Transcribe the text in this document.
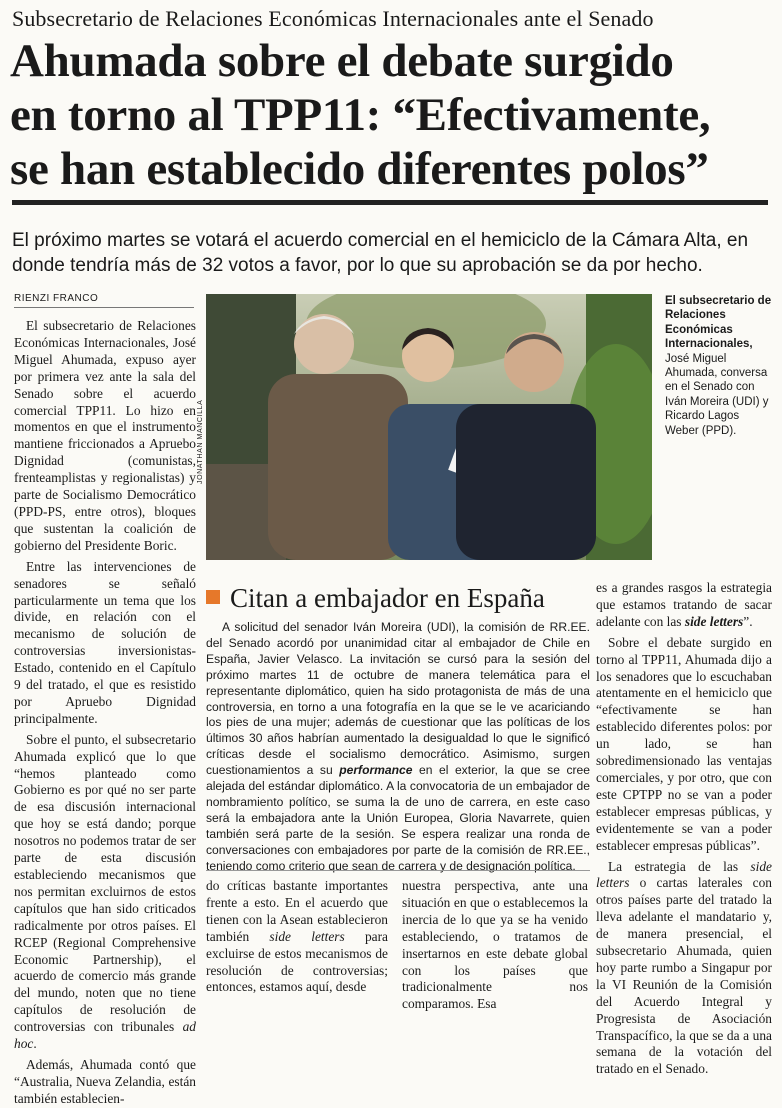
Subsecretario de Relaciones Económicas Internacionales ante el Senado
Ahumada sobre el debate surgido
en torno al TPP11: “Efectivamente,
se han establecido diferentes polos”
El próximo martes se votará el acuerdo comercial en el hemiciclo de la Cámara Alta, en donde tendría más de 32 votos a favor, por lo que su aprobación se da por hecho.
RIENZI FRANCO

El subsecretario de Relaciones Económicas Internacionales, José Miguel Ahumada, expuso ayer por primera vez ante la sala del Senado sobre el acuerdo comercial TPP11. Lo hizo en momentos en que el instrumento mantiene friccionados a Apruebo Dignidad (comunistas, frenteamplistas y regionalistas) y parte de Socialismo Democrático (PPD-PS, entre otros), bloques que sustentan la coalición de gobierno del Presidente Boric.

Entre las intervenciones de senadores se señaló particularmente un tema que los divide, en relación con el mecanismo de solución de controversias inversionistas-Estado, contenido en el Capítulo 9 del tratado, el que es resistido por Apruebo Dignidad principalmente.

Sobre el punto, el subsecretario Ahumada explicó que lo que “hemos planteado como Gobierno es por qué no ser parte de esa discusión internacional que hoy se está dando; porque nosotros no podemos tratar de ser parte de esta discusión estableciendo mecanismos que nos permitan excluirnos de estos capítulos que han sido criticados radicalmente por otros países. El RCEP (Regional Comprehensive Economic Partnership), el acuerdo de comercio más grande del mundo, noten que no tiene capítulos de resolución de controversias con tribunales ad hoc.

Además, Ahumada contó que “Australia, Nueva Zelandia, están también establecien-

JONATHAN MANCILLA
El subsecretario de Relaciones Económicas Internacionales, José Miguel Ahumada, conversa en el Senado con Iván Moreira (UDI) y Ricardo Lagos Weber (PPD).
Citan a embajador en España

A solicitud del senador Iván Moreira (UDI), la comisión de RR.EE. del Senado acordó por unanimidad citar al embajador de Chile en España, Javier Velasco. La invitación se cursó para la sesión del próximo martes 11 de octubre de manera telemática para el representante diplomático, quien ha sido protagonista de más de una controversia, en torno a una fotografía en la que se le ve acariciando los pies de una mujer; además de cuestionar que las políticas de los últimos 30 años habrían aumentado la desigualdad lo que le significó críticas desde el socialismo democrático. Asimismo, surgen cuestionamientos a su performance en el exterior, la que se cree alejada del estándar diplomático. A la convocatoria de un embajador de nombramiento político, se suma la de uno de carrera, en este caso será la embajadora ante la Unión Europea, Gloria Navarrete, quien también será parte de la sesión. Se espera realizar una ronda de conversaciones con embajadores por parte de la comisión de RR.EE., teniendo como criterio que sean de carrera y de designación política.

do críticas bastante importantes frente a esto. En el acuerdo que tienen con la Asean establecieron también side letters para excluirse de estos mecanismos de resolución de controversias; entonces, estamos aquí, desde

nuestra perspectiva, ante una situación en que o establecemos la inercia de lo que ya se ha venido estableciendo, o tratamos de insertarnos en este debate global con los países que tradicionalmente nos comparamos. Esa

es a grandes rasgos la estrategia que estamos tratando de sacar adelante con las side letters”.

Sobre el debate surgido en torno al TPP11, Ahumada dijo a los senadores que lo escuchaban atentamente en el hemiciclo que “efectivamente se han establecido diferentes polos: por un lado, se han sobredimensionado las ventajas comerciales, y por otro, que con este CPTPP no se van a poder establecer empresas públicas, y evidentemente se van a poder establecer empresas públicas”.

La estrategia de las side letters o cartas laterales con otros países parte del tratado la lleva adelante el mandatario y, de manera presencial, el subsecretario Ahumada, quien hoy parte rumbo a Singapur por la VI Reunión de la Comisión del Acuerdo Integral y Progresista de Asociación Transpacífico, la que se da a una semana de la votación del tratado en el Senado.
